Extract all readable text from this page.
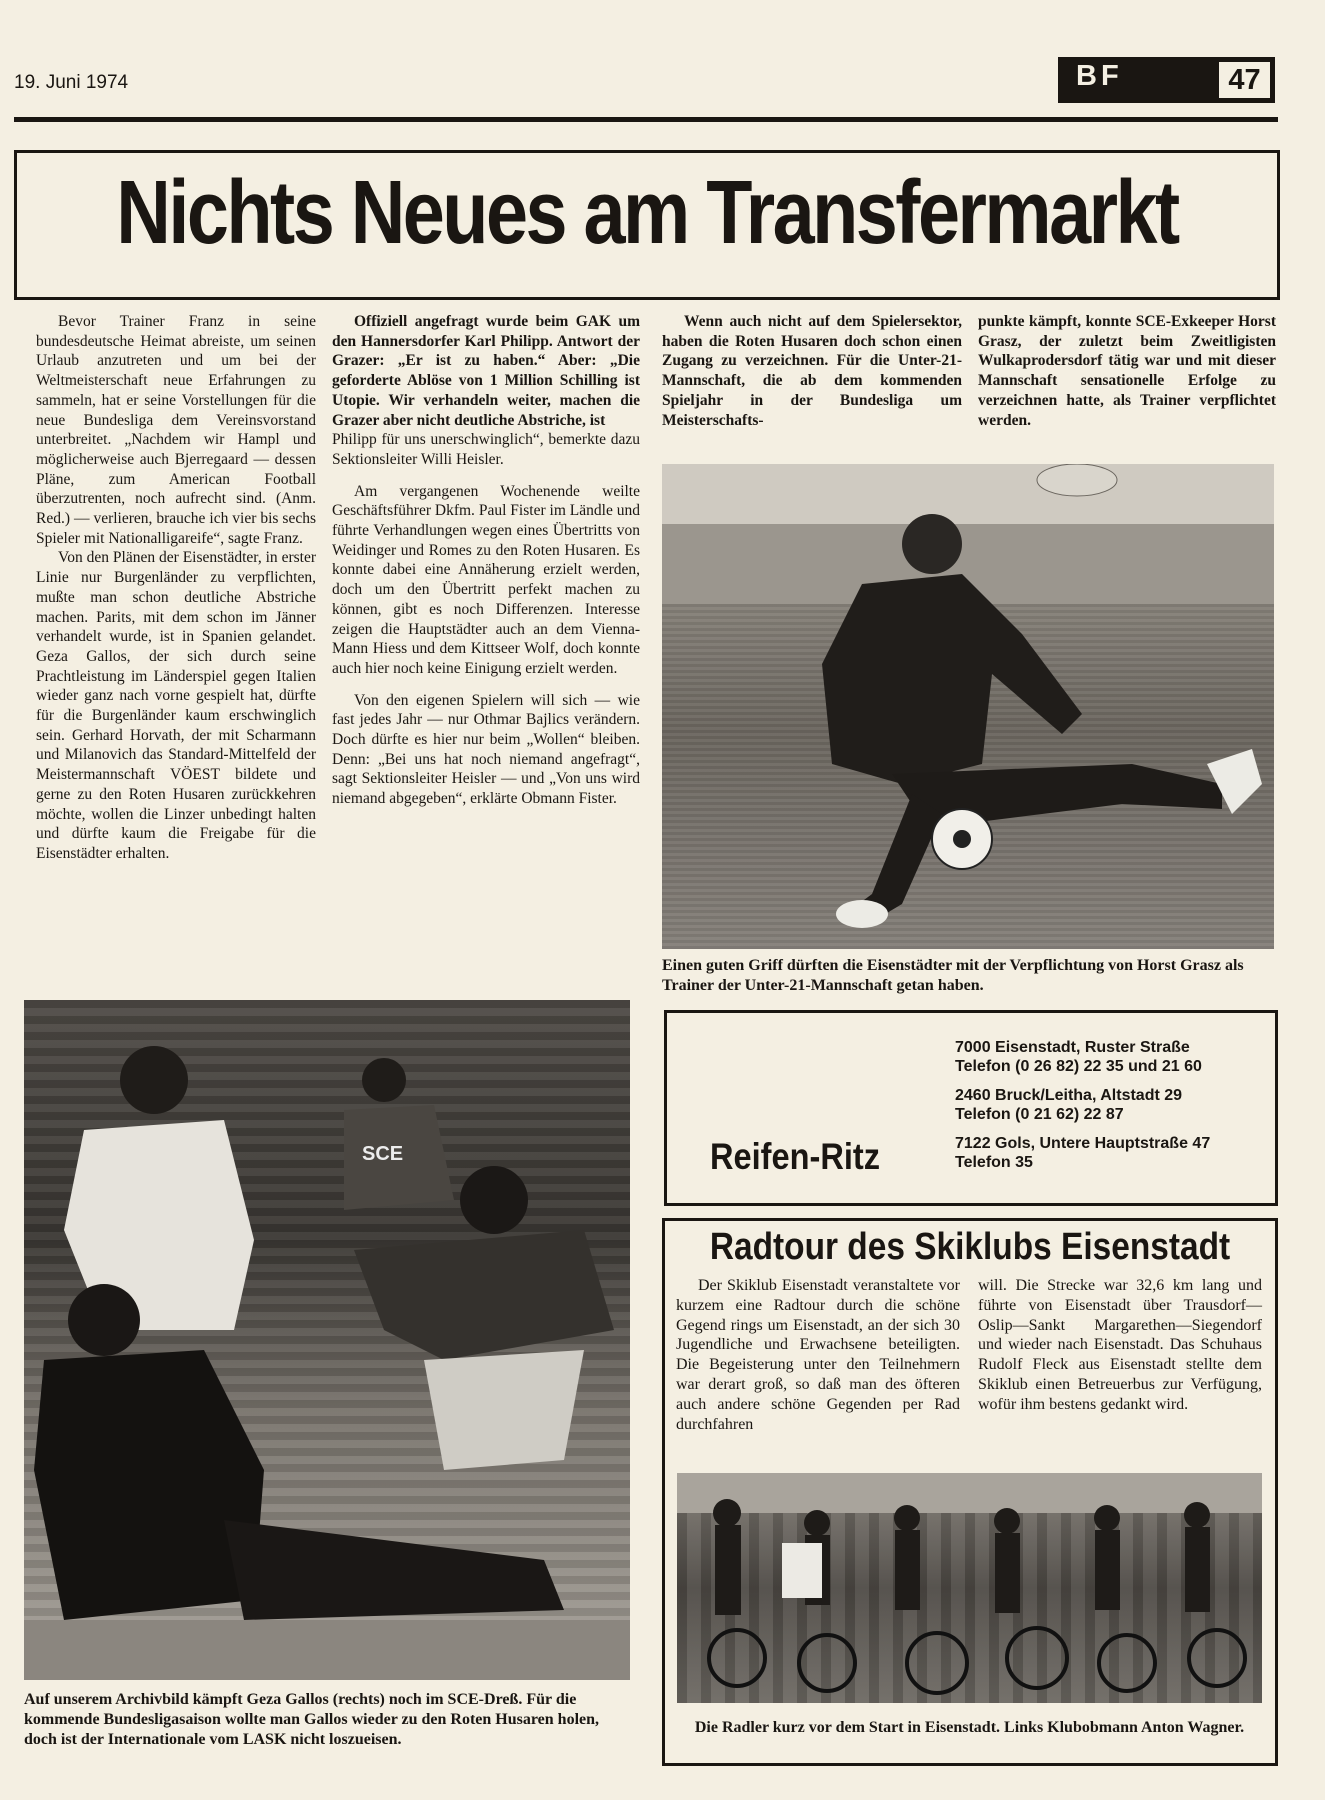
19. Juni 1974	BF	47
Nichts Neues am Transfermarkt

Bevor Trainer Franz in seine bundesdeutsche Heimat abreiste, um seinen Urlaub anzutreten und um bei der Weltmeisterschaft neue Erfahrungen zu sammeln, hat er seine Vorstellungen für die neue Bundesliga dem Vereinsvorstand unterbreitet. „Nachdem wir Hampl und möglicherweise auch Bjerregaard — dessen Pläne, zum American Football überzutrenten, noch aufrecht sind. (Anm. Red.) — verlieren, brauche ich vier bis sechs Spieler mit Nationalligareife“, sagte Franz.

Von den Plänen der Eisenstädter, in erster Linie nur Burgenländer zu verpflichten, mußte man schon deutliche Abstriche machen. Parits, mit dem schon im Jänner verhandelt wurde, ist in Spanien gelandet. Geza Gallos, der sich durch seine Prachtleistung im Länderspiel gegen Italien wieder ganz nach vorne gespielt hat, dürfte für die Burgenländer kaum erschwinglich sein. Gerhard Horvath, der mit Scharmann und Milanovich das Standard-Mittelfeld der Meistermannschaft VÖEST bildete und gerne zu den Roten Husaren zurückkehren möchte, wollen die Linzer unbedingt halten und dürfte kaum die Freigabe für die Eisenstädter erhalten.

Offiziell angefragt wurde beim GAK um den Hannersdorfer Karl Philipp. Antwort der Grazer: „Er ist zu haben.“ Aber: „Die geforderte Ablöse von 1 Million Schilling ist Utopie. Wir verhandeln weiter, machen die Grazer aber nicht deutliche Abstriche, ist

Philipp für uns unerschwinglich“, bemerkte dazu Sektionsleiter Willi Heisler.

Am vergangenen Wochenende weilte Geschäftsführer Dkfm. Paul Fister im Ländle und führte Verhandlungen wegen eines Übertritts von Weidinger und Romes zu den Roten Husaren. Es konnte dabei eine Annäherung erzielt werden, doch um den Übertritt perfekt machen zu können, gibt es noch Differenzen. Interesse zeigen die Hauptstädter auch an dem Vienna-Mann Hiess und dem Kittseer Wolf, doch konnte auch hier noch keine Einigung erzielt werden.

Von den eigenen Spielern will sich — wie fast jedes Jahr — nur Othmar Bajlics verändern. Doch dürfte es hier nur beim „Wollen“ bleiben. Denn: „Bei uns hat noch niemand angefragt“, sagt Sektionsleiter Heisler — und „Von uns wird niemand abgegeben“, erklärte Obmann Fister.

Wenn auch nicht auf dem Spielersektor, haben die Roten Husaren doch schon einen Zugang zu verzeichnen. Für die Unter-21-Mannschaft, die ab dem kommenden Spieljahr in der Bundesliga um Meisterschafts-

punkte kämpft, konnte SCE-Exkeeper Horst Grasz, der zuletzt beim Zweitligisten Wulkaprodersdorf tätig war und mit dieser Mannschaft sensationelle Erfolge zu verzeichnen hatte, als Trainer verpflichtet werden.

Einen guten Griff dürften die Eisenstädter mit der Verpflichtung von Horst Grasz als Trainer der Unter-21-Mannschaft getan haben.
SCE
Auf unserem Archivbild kämpft Geza Gallos (rechts) noch im SCE-Dreß. Für die kommende Bundesligasaison wollte man Gallos wieder zu den Roten Husaren holen, doch ist der Internationale vom LASK nicht loszueisen.
Reifen-Ritz
7000 Eisenstadt, Ruster Straße
Telefon (0 26 82) 22 35 und 21 60
2460 Bruck/Leitha, Altstadt 29
Telefon (0 21 62) 22 87
7122 Gols, Untere Hauptstraße 47
Telefon 35
Radtour des Skiklubs Eisenstadt

Der Skiklub Eisenstadt veranstaltete vor kurzem eine Radtour durch die schöne Gegend rings um Eisenstadt, an der sich 30 Jugendliche und Erwachsene beteiligten. Die Begeisterung unter den Teilnehmern war derart groß, so daß man des öfteren auch andere schöne Gegenden per Rad durchfahren

will. Die Strecke war 32,6 km lang und führte von Eisenstadt über Trausdorf—Oslip—Sankt Margarethen—Siegendorf und wieder nach Eisenstadt. Das Schuhaus Rudolf Fleck aus Eisenstadt stellte dem Skiklub einen Betreuerbus zur Verfügung, wofür ihm bestens gedankt wird.

Die Radler kurz vor dem Start in Eisenstadt. Links Klubobmann Anton Wagner.
